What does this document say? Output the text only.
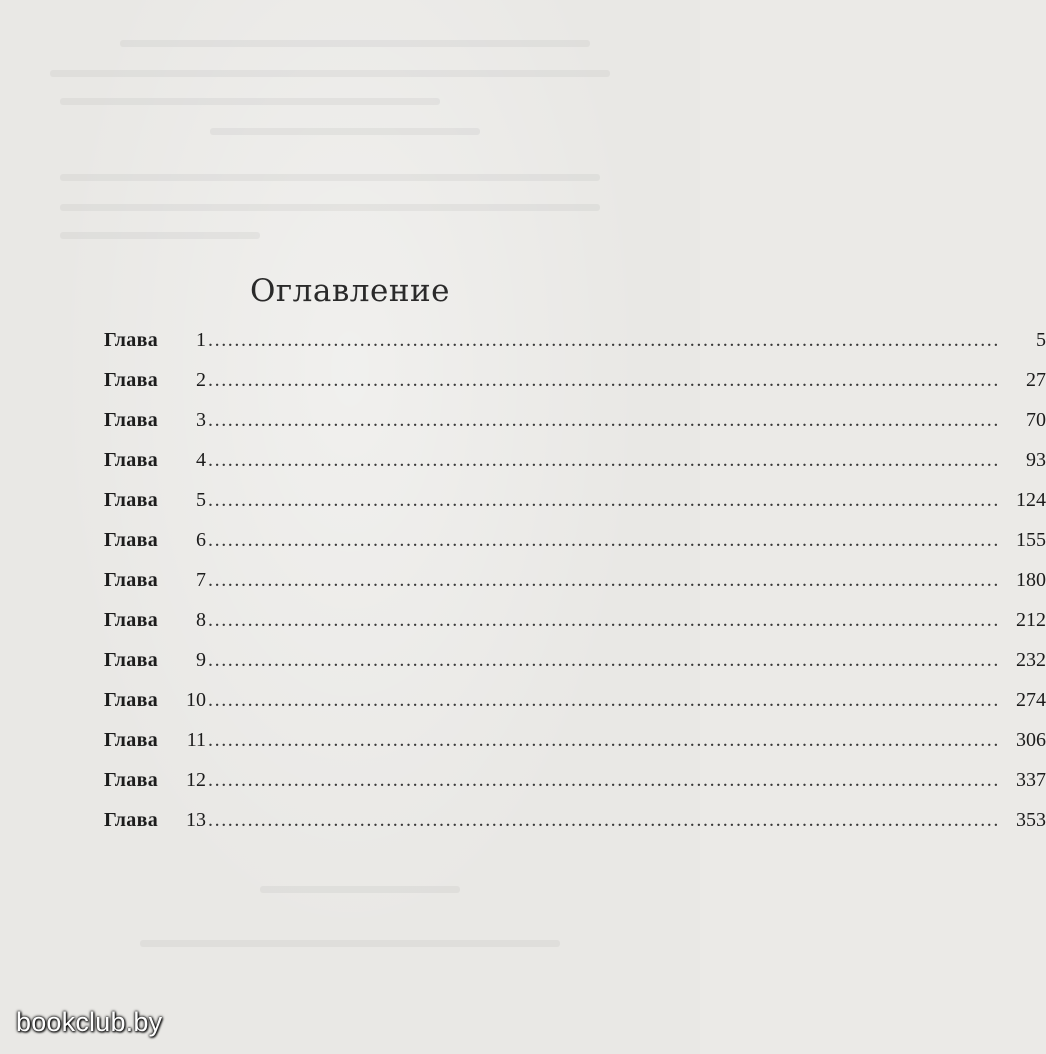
Оглавление
Глава	1 ........................................................................................................................	5
Глава	2 ........................................................................................................................	27
Глава	3 ........................................................................................................................	70
Глава	4 ........................................................................................................................	93
Глава	5 ........................................................................................................................ 124
Глава	6 ........................................................................................................................ 155
Глава	7 ........................................................................................................................ 180
Глава	8 ........................................................................................................................ 212
Глава	9 ........................................................................................................................ 232
Глава	10 ........................................................................................................................ 274
Глава	11 ........................................................................................................................ 306
Глава	12 ........................................................................................................................ 337
Глава	13 ........................................................................................................................ 353
bookclub.by
